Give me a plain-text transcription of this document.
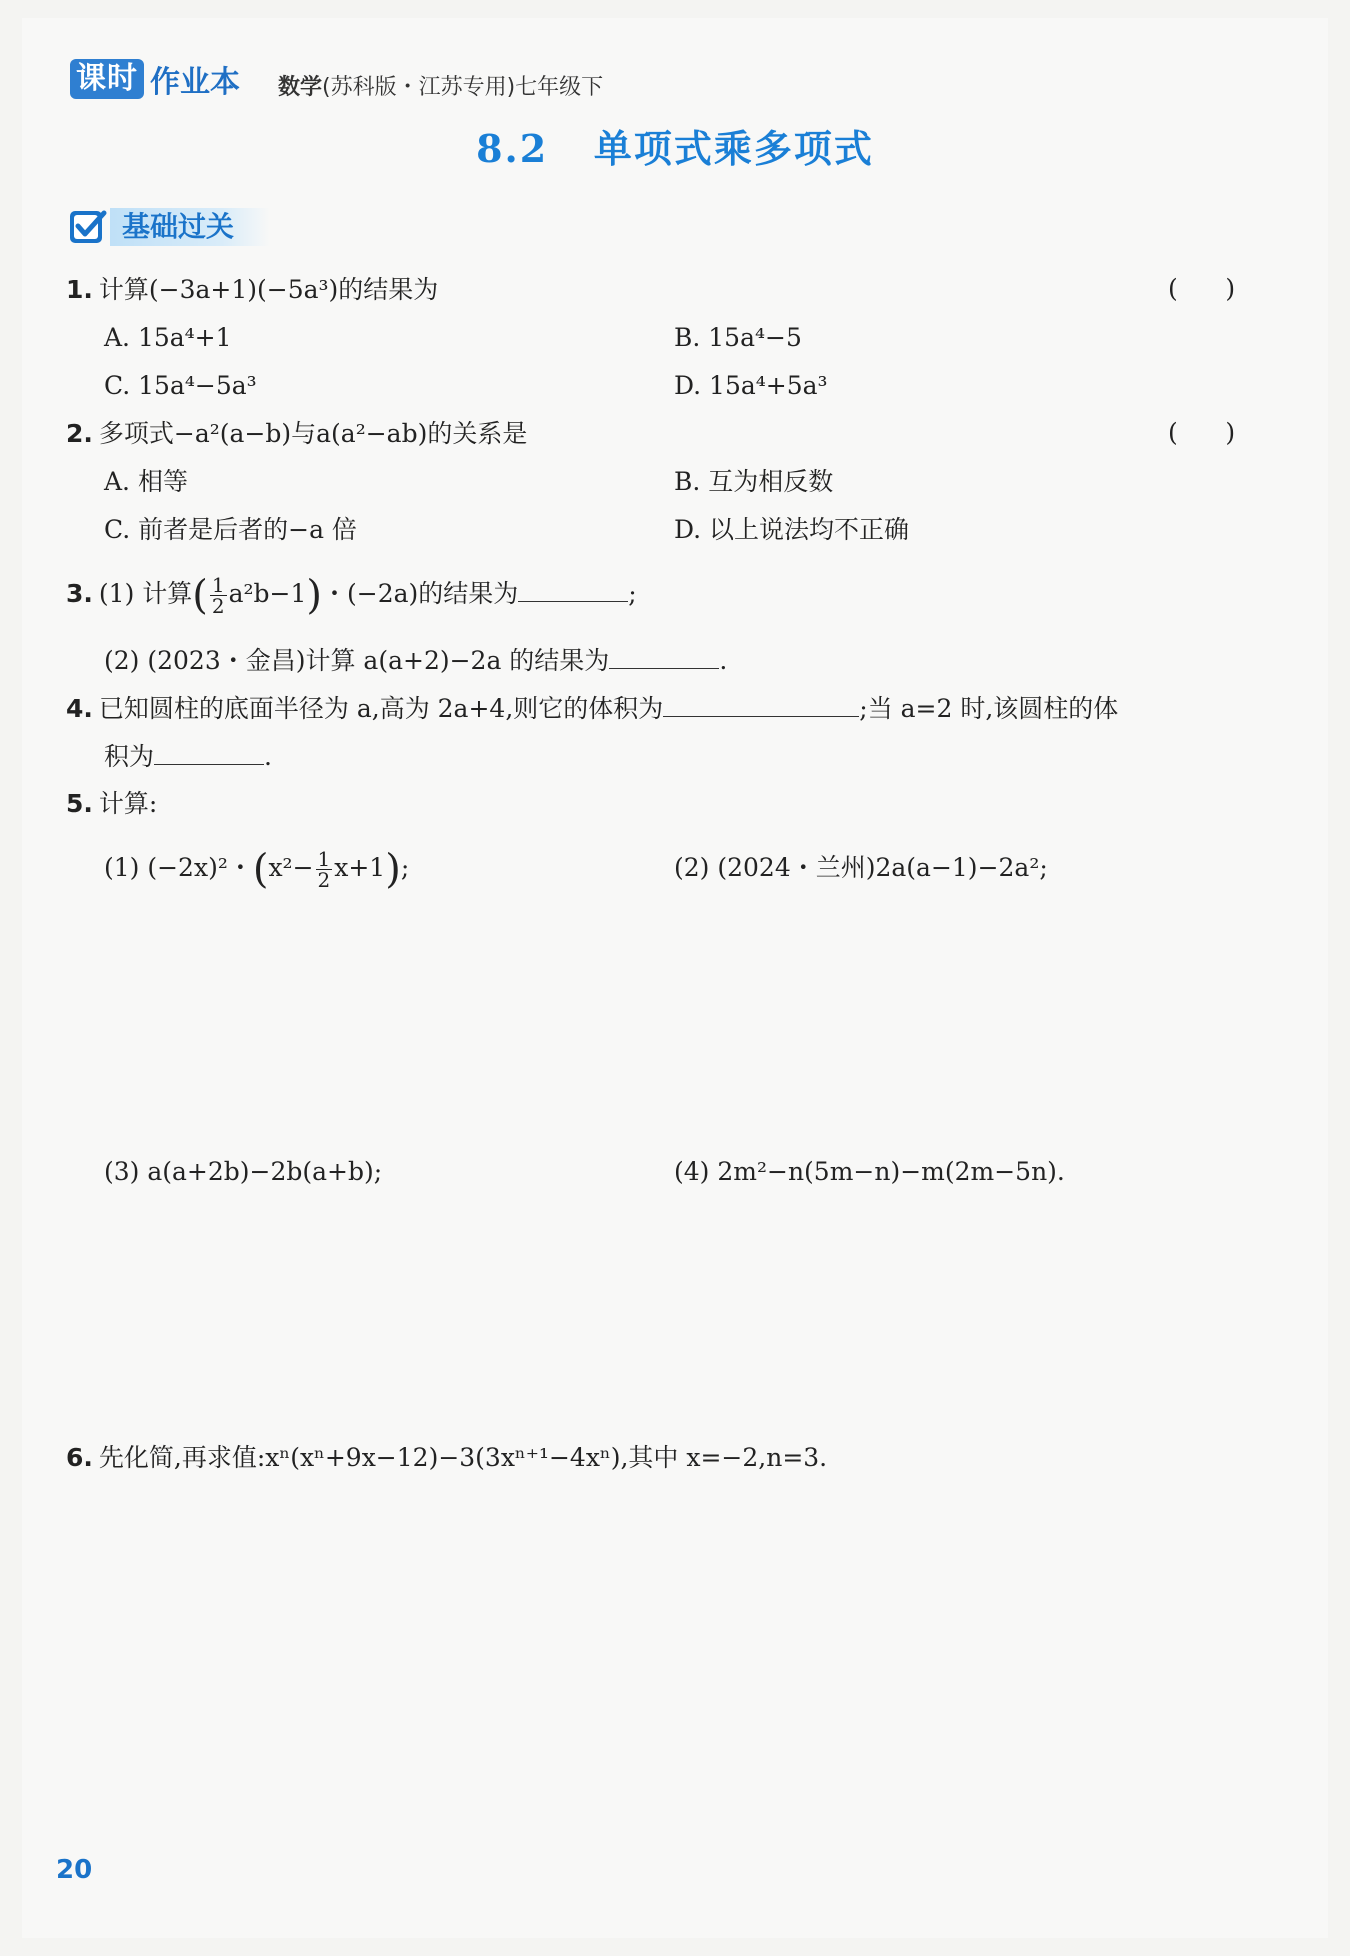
课时 作业本 数学(苏科版・江苏专用)七年级下
8.2 单项式乘多项式
基础过关
1. 计算(−3a+1)(−5a³)的结果为	(      )
A. 15a⁴+1	B. 15a⁴−5
C. 15a⁴−5a³	D. 15a⁴+5a³
2. 多项式−a²(a−b)与a(a²−ab)的关系是	(      )
A. 相等	B. 互为相反数
C. 前者是后者的−a 倍	D. 以上说法均不正确
3. (1) 计算( $\frac{1}{2} a^2b-1$)・(−2a)的结果为	;
(2) (2023・金昌)计算 a(a+2)−2a 的结果为	.
4. 已知圆柱的底面半径为 a,高为 2a+4,则它的体积为	;当 a=2 时,该圆柱的体
积为	.
5. 计算:
(1) (−2x)²・$(x^2- \frac{1}{2} x+1)$;	(2) (2024・兰州)2a(a−1)−2a²;
(3) a(a+2b)−2b(a+b);	(4) 2m²−n(5m−n)−m(2m−5n).
6. 先化简,再求值:xⁿ(xⁿ+9x−12)−3(3xⁿ⁺¹−4xⁿ),其中 x=−2,n=3.
20
